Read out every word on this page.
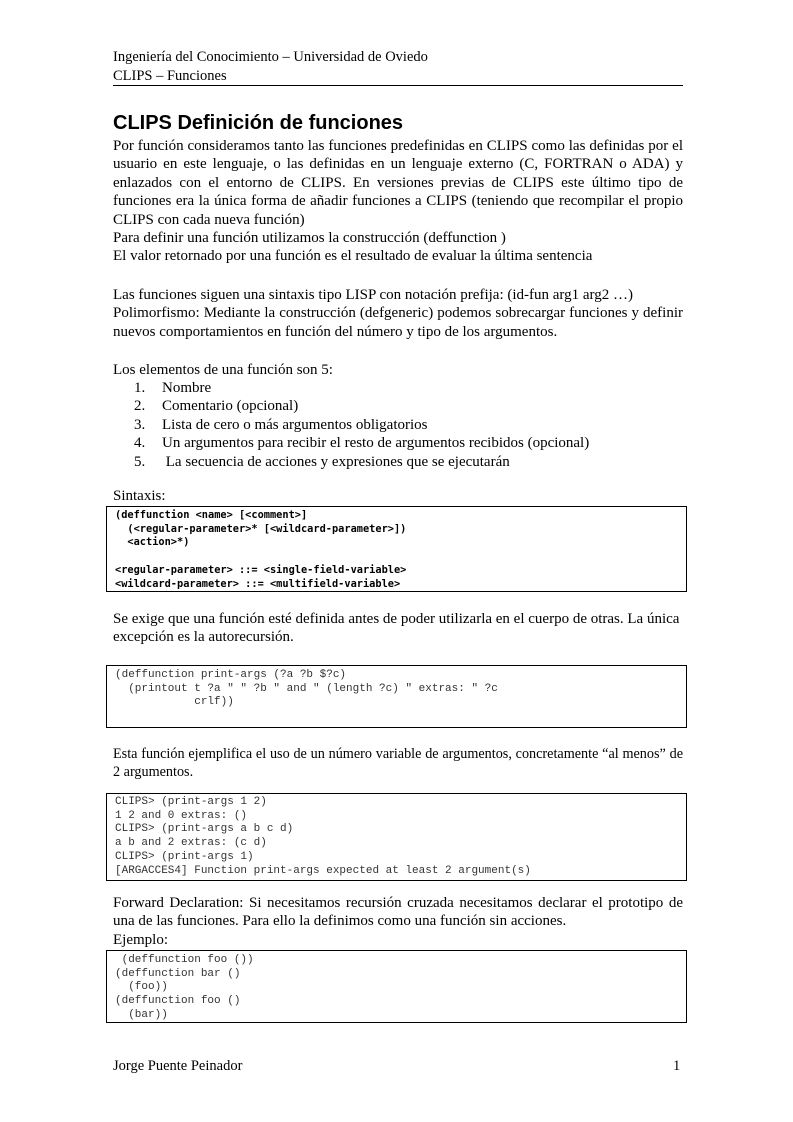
Ingeniería del Conocimiento – Universidad de Oviedo
CLIPS – Funciones
CLIPS Definición de funciones

Por función consideramos tanto las funciones predefinidas en CLIPS como las definidas por el usuario en este lenguaje, o las definidas en un lenguaje externo (C, FORTRAN o ADA) y enlazados con el entorno de CLIPS. En versiones previas de CLIPS este último tipo de funciones era la única forma de añadir funciones a CLIPS (teniendo que recompilar el propio CLIPS con cada nueva función)

Para definir una función utilizamos la construcción (deffunction )

El valor retornado por una función es el resultado de evaluar la última sentencia

Las funciones siguen una sintaxis tipo LISP con notación prefija: (id-fun arg1 arg2 …)

Polimorfismo: Mediante la construcción (defgeneric) podemos sobrecargar funciones y definir nuevos comportamientos en función del número y tipo de los argumentos.

Los elementos de una función son 5:
1. Nombre
2. Comentario (opcional)
3. Lista de cero o más argumentos obligatorios
4. Un argumentos para recibir el resto de argumentos recibidos (opcional)
5. La secuencia de acciones y expresiones que se ejecutarán
Sintaxis:
(deffunction <name> [<comment>]
(<regular-parameter>* [<wildcard-parameter>])
<action>*)

<regular-parameter> ::= <single-field-variable>
<wildcard-parameter> ::= <multifield-variable>

Se exige que una función esté definida antes de poder utilizarla en el cuerpo de otras. La única excepción es la autorecursión.

(deffunction print-args (?a ?b $?c)
(printout t ?a " " ?b " and " (length ?c) " extras: " ?c
crlf))

Esta función ejemplifica el uso de un número variable de argumentos, concretamente “al menos” de 2 argumentos.

CLIPS> (print-args 1 2)
1 2 and 0 extras: ()
CLIPS> (print-args a b c d)
a b and 2 extras: (c d)
CLIPS> (print-args 1)
[ARGACCES4] Function print-args expected at least 2 argument(s)

Forward Declaration: Si necesitamos recursión cruzada necesitamos declarar el prototipo de una de las funciones. Para ello la definimos como una función sin acciones.

Ejemplo:

(deffunction foo ())
(deffunction bar ()
(foo))
(deffunction foo ()
(bar))
Jorge Puente Peinador	1
